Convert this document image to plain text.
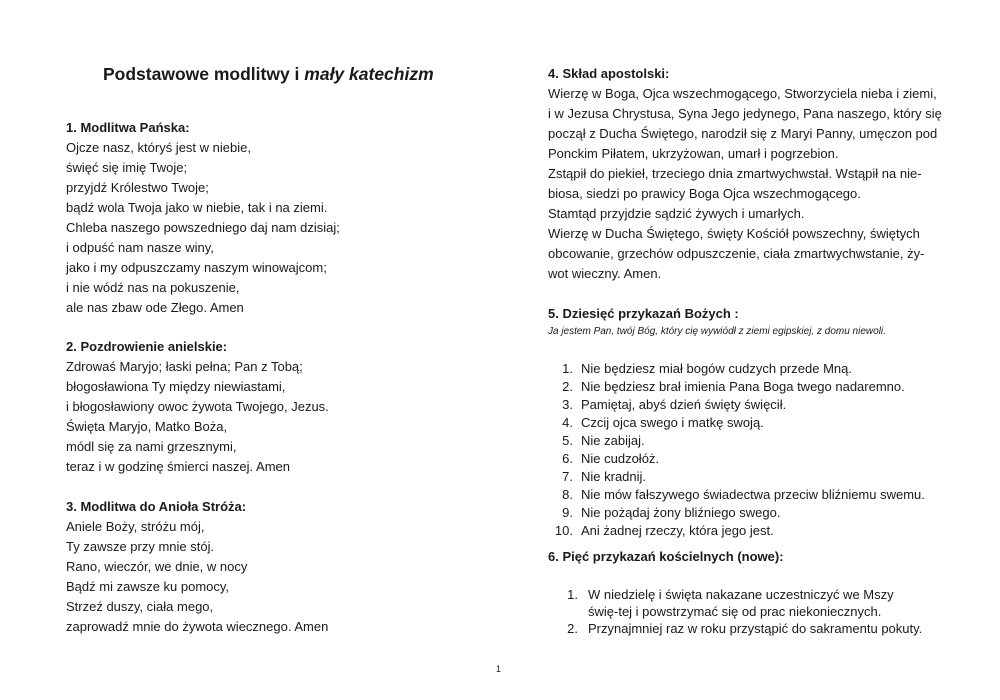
Podstawowe modlitwy i mały katechizm

1. Modlitwa Pańska:

Ojcze nasz, któryś jest w niebie,

święć się imię Twoje;

przyjdź Królestwo Twoje;

bądź wola Twoja jako w niebie, tak i na ziemi.

Chleba naszego powszedniego daj nam dzisiaj;

i odpuść nam nasze winy,

jako i my odpuszczamy naszym winowajcom;

i nie wódź nas na pokuszenie,

ale nas zbaw ode Złego. Amen

2. Pozdrowienie anielskie:

Zdrowaś Maryjo; łaski pełna; Pan z Tobą;

błogosławiona Ty między niewiastami,

i błogosławiony owoc żywota Twojego, Jezus.

Święta Maryjo, Matko Boża,

módl się za nami grzesznymi,

teraz i w godzinę śmierci naszej. Amen

3. Modlitwa do Anioła Stróża:

Aniele Boży, stróżu mój,

Ty zawsze przy mnie stój.

Rano, wieczór, we dnie, w nocy

Bądź mi zawsze ku pomocy,

Strzeź duszy, ciała mego,

zaprowadź mnie do żywota wiecznego. Amen

4. Skład apostolski:

Wierzę w Boga, Ojca wszechmogącego, Stworzyciela nieba i ziemi,

i w Jezusa Chrystusa, Syna Jego jedynego, Pana naszego, który się

począł z Ducha Świętego, narodził się z Maryi Panny, umęczon pod

Ponckim Piłatem, ukrzyżowan, umarł i pogrzebion.

Zstąpił do piekieł, trzeciego dnia zmartwychwstał. Wstąpił na nie-

biosa, siedzi po prawicy Boga Ojca wszechmogącego.

Stamtąd przyjdzie sądzić żywych i umarłych.

Wierzę w Ducha Świętego, święty Kościół powszechny, świętych

obcowanie, grzechów odpuszczenie, ciała zmartwychwstanie, ży-

wot wieczny. Amen.

5. Dziesięć przykazań Bożych :

Ja jestem Pan, twój Bóg, który cię wywiódł z ziemi egipskiej, z domu niewoli.

1. Nie będziesz miał bogów cudzych przede Mną.
2. Nie będziesz brał imienia Pana Boga twego nadaremno.
3. Pamiętaj, abyś dzień święty święcił.
4. Czcij ojca swego i matkę swoją.
5. Nie zabijaj.
6. Nie cudzołóż.
7. Nie kradnij.
8. Nie mów fałszywego świadectwa przeciw bliźniemu swemu.
9. Nie pożądaj żony bliźniego swego.
10. Ani żadnej rzeczy, która jego jest.

6. Pięć przykazań kościelnych (nowe):

1. W niedzielę i święta nakazane uczestniczyć we Mszy świę-tej i powstrzymać się od prac niekoniecznych.
2. Przynajmniej raz w roku przystąpić do sakramentu pokuty.
1
